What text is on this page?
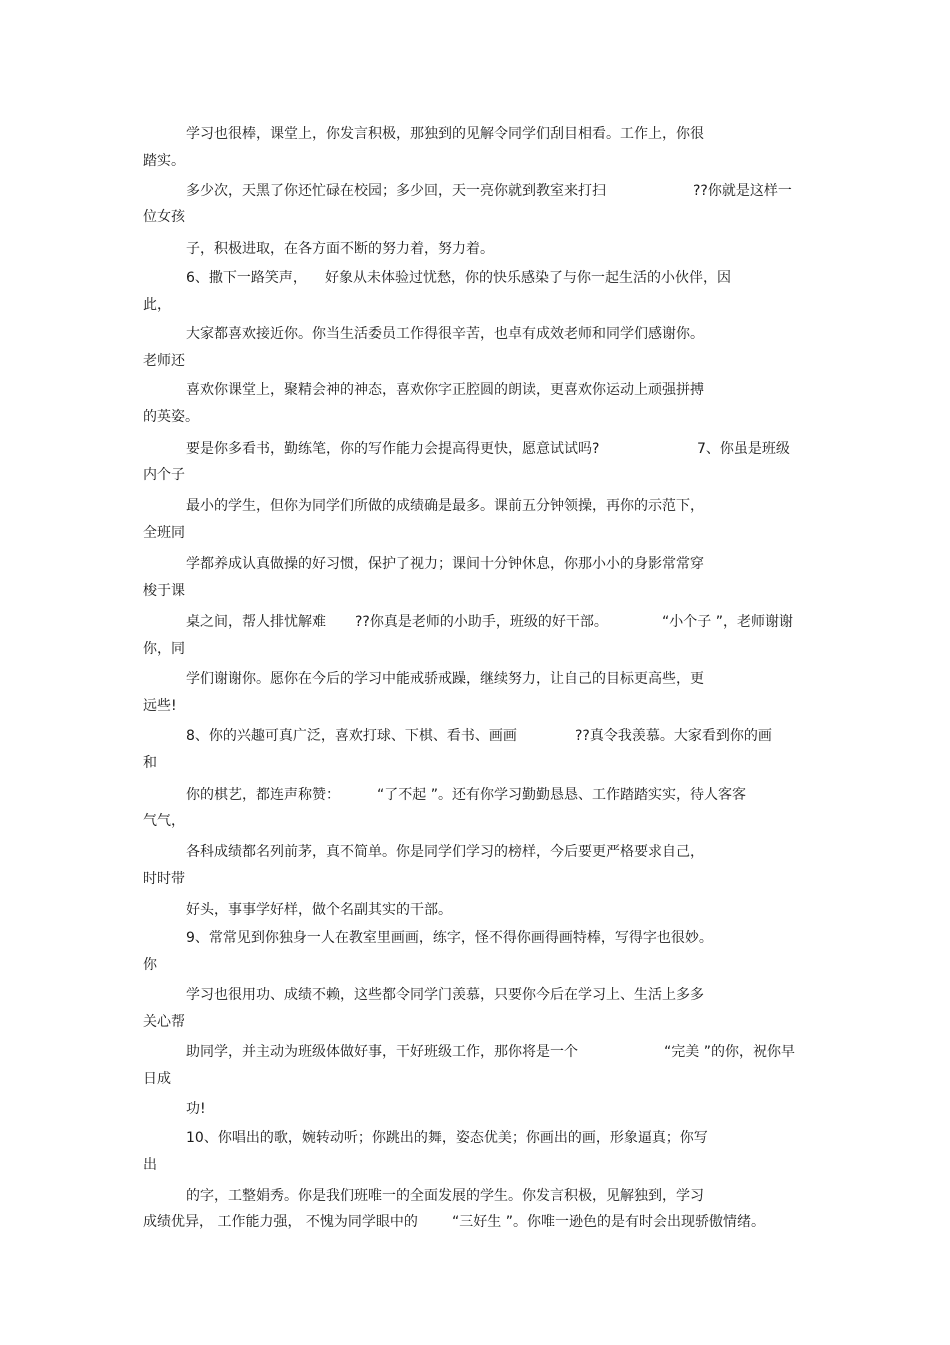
学习也很棒，课堂上，你发言积极，那独到的见解令同学们刮目相看。工作上，你很
踏实。
多少次，天黑了你还忙碌在校园；多少回，天一亮你就到教室来打扫	??你就是这样一
位女孩
子，积极进取，在各方面不断的努力着，努力着。
6、撒下一路笑声， 好象从未体验过忧愁，你的快乐感染了与你一起生活的小伙伴，因
此，
大家都喜欢接近你。你当生活委员工作得很辛苦，也卓有成效老师和同学们感谢你。
老师还
喜欢你课堂上，聚精会神的神态，喜欢你字正腔圆的朗读，更喜欢你运动上顽强拼搏
的英姿。
要是你多看书，勤练笔，你的写作能力会提高得更快，愿意试试吗?	7、你虽是班级
内个子
最小的学生，但你为同学们所做的成绩确是最多。课前五分钟领操，再你的示范下，
全班同
学都养成认真做操的好习惯，保护了视力；课间十分钟休息，你那小小的身影常常穿
梭于课
桌之间，帮人排忧解难 ??你真是老师的小助手，班级的好干部。	“小个子 ”，老师谢谢
你，同
学们谢谢你。愿你在今后的学习中能戒骄戒躁，继续努力，让自己的目标更高些，更
远些!
8、你的兴趣可真广泛，喜欢打球、下棋、看书、画画	??真令我羡慕。大家看到你的画
和
你的棋艺，都连声称赞：	“了不起 ”。还有你学习勤勤恳恳、工作踏踏实实，待人客客
气气，
各科成绩都名列前茅，真不简单。你是同学们学习的榜样，今后要更严格要求自己，
时时带
好头，事事学好样，做个名副其实的干部。
9、常常见到你独身一人在教室里画画，练字，怪不得你画得画特棒，写得字也很妙。
你
学习也很用功、成绩不赖，这些都令同学门羡慕，只要你今后在学习上、生活上多多
关心帮
助同学，并主动为班级体做好事，干好班级工作，那你将是一个	“完美 ”的你，祝你早
日成
功!
10、你唱出的歌，婉转动听；你跳出的舞，姿态优美；你画出的画，形象逼真；你写
出
的字，工整娟秀。你是我们班唯一的全面发展的学生。你发言积极，见解独到，学习
成绩优异， 工作能力强， 不愧为同学眼中的 “三好生 ”。你唯一逊色的是有时会出现骄傲情绪。
